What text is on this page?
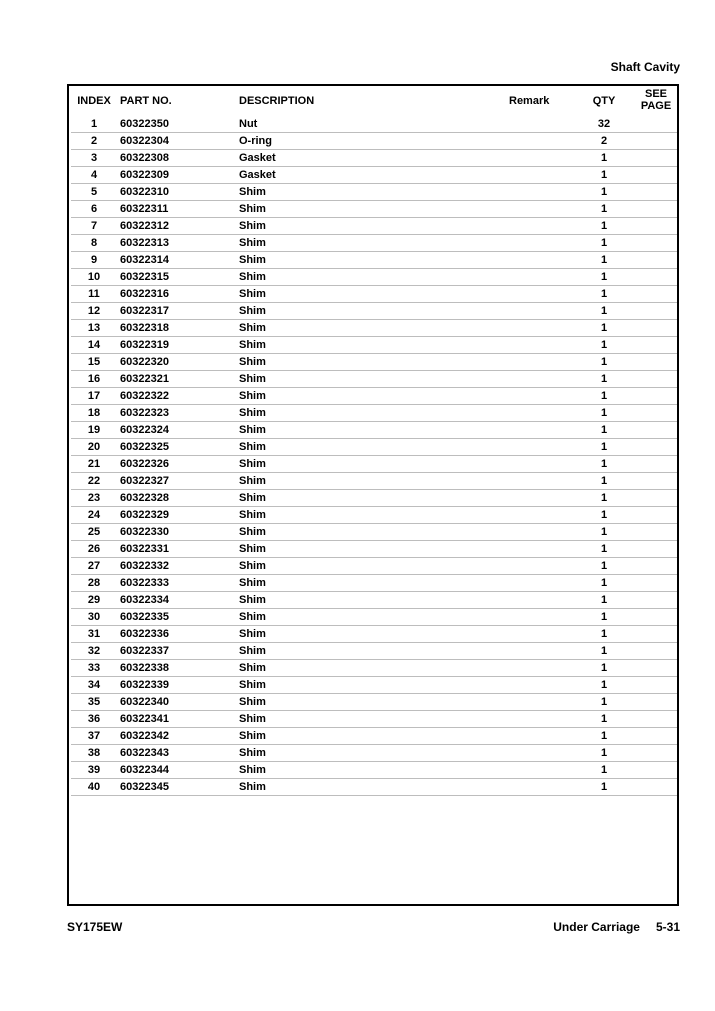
Shaft Cavity
INDEX PART NO.	DESCRIPTION	Remark	QTY
SEE
PAGE
1	60322350	Nut	32
2	60322304	O-ring	2
3	60322308	Gasket	1
4	60322309	Gasket	1
5	60322310	Shim	1
6	60322311	Shim	1
7	60322312	Shim	1
8	60322313	Shim	1
9	60322314	Shim	1
10	60322315	Shim	1
11	60322316	Shim	1
12	60322317	Shim	1
13	60322318	Shim	1
14	60322319	Shim	1
15	60322320	Shim	1
16	60322321	Shim	1
17	60322322	Shim	1
18	60322323	Shim	1
19	60322324	Shim	1
20	60322325	Shim	1
21	60322326	Shim	1
22	60322327	Shim	1
23	60322328	Shim	1
24	60322329	Shim	1
25	60322330	Shim	1
26	60322331	Shim	1
27	60322332	Shim	1
28	60322333	Shim	1
29	60322334	Shim	1
30	60322335	Shim	1
31	60322336	Shim	1
32	60322337	Shim	1
33	60322338	Shim	1
34	60322339	Shim	1
35	60322340	Shim	1
36	60322341	Shim	1
37	60322342	Shim	1
38	60322343	Shim	1
39	60322344	Shim	1
40	60322345	Shim	1
SY175EW	Under Carriage 5-31
